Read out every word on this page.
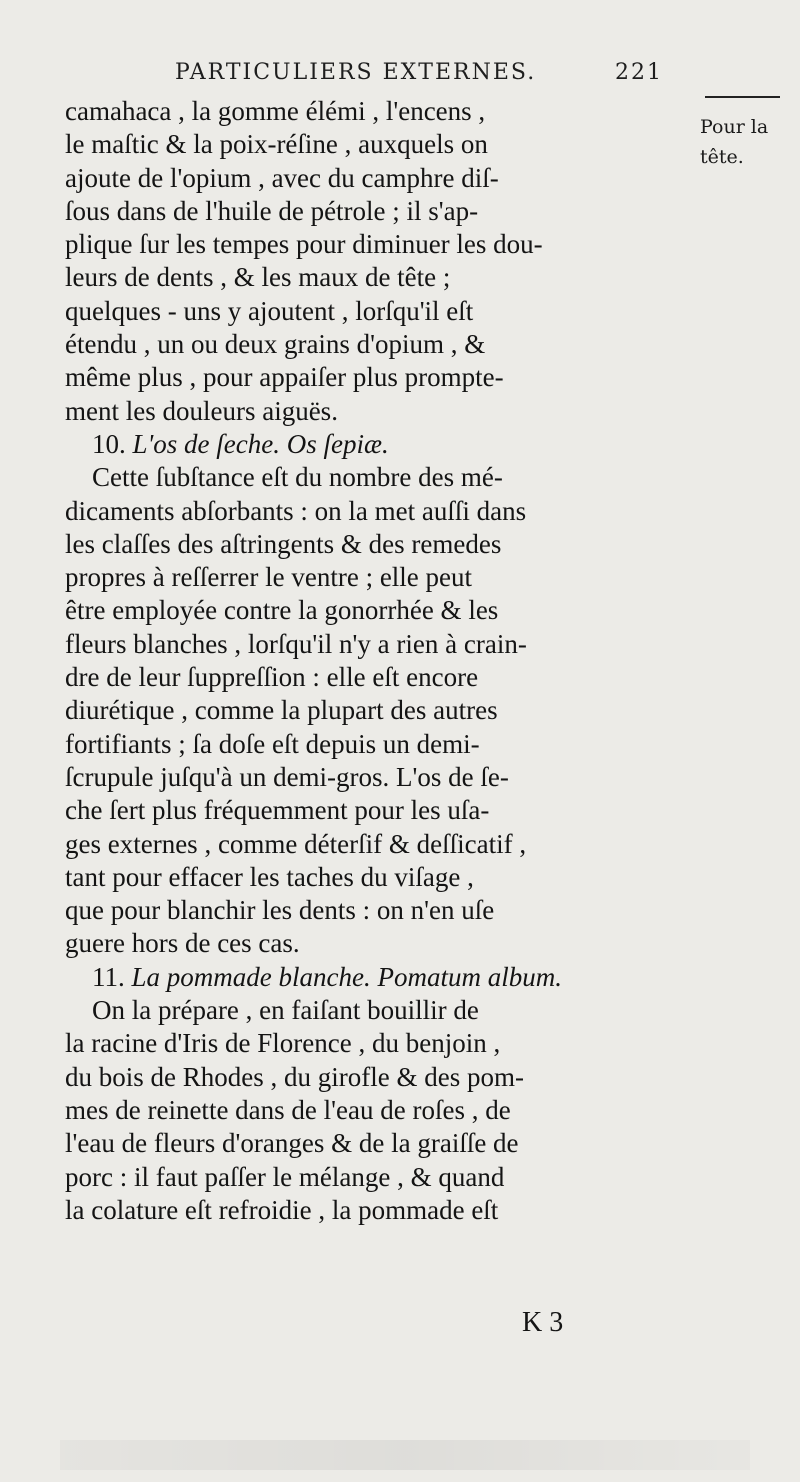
PARTICULIERS EXTERNES.	221
Pour la
tête.
camahaca , la gomme élémi , l'encens ,
le maſtic & la poix-réſine , auxquels on
ajoute de l'opium , avec du camphre diſ-
ſous dans de l'huile de pétrole ; il s'ap-
plique ſur les tempes pour diminuer les dou-
leurs de dents , & les maux de tête ;
quelques - uns y ajoutent , lorſqu'il eſt
étendu , un ou deux grains d'opium , &
même plus , pour appaiſer plus prompte-
ment les douleurs aiguës.
  10. L'os de ſeche. Os ſepiæ.
  Cette ſubſtance eſt du nombre des mé-
dicaments abſorbants : on la met auſſi dans
les claſſes des aſtringents & des remedes
propres à reſſerrer le ventre ; elle peut
être employée contre la gonorrhée & les
fleurs blanches , lorſqu'il n'y a rien à crain-
dre de leur ſuppreſſion : elle eſt encore
diurétique , comme la plupart des autres
fortifiants ; ſa doſe eſt depuis un demi-
ſcrupule juſqu'à un demi-gros. L'os de ſe-
che ſert plus fréquemment pour les uſa-
ges externes , comme déterſif & deſſicatif ,
tant pour effacer les taches du viſage ,
que pour blanchir les dents : on n'en uſe
guere hors de ces cas.
  11. La pommade blanche. Pomatum album.
  On la prépare , en faiſant bouillir de
la racine d'Iris de Florence , du benjoin ,
du bois de Rhodes , du girofle & des pom-
mes de reinette dans de l'eau de roſes , de
l'eau de fleurs d'oranges & de la graiſſe de
porc : il faut paſſer le mélange , & quand
la colature eſt refroidie , la pommade eſt
K 3
